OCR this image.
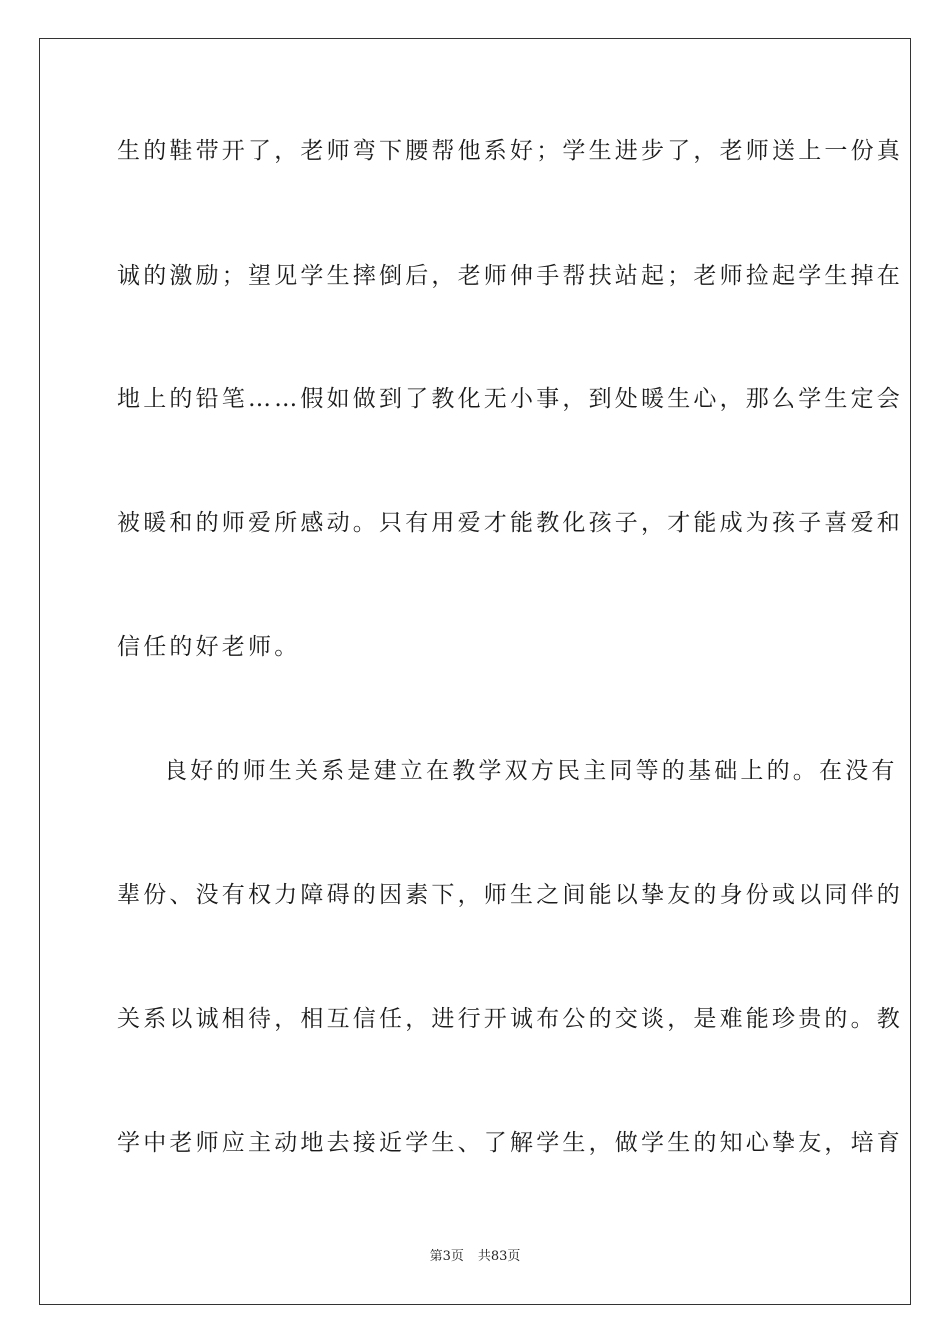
生的鞋带开了，老师弯下腰帮他系好；学生进步了，老师送上一份真
诚的激励；望见学生摔倒后，老师伸手帮扶站起；老师捡起学生掉在
地上的铅笔……假如做到了教化无小事，到处暖生心，那么学生定会
被暖和的师爱所感动。只有用爱才能教化孩子，才能成为孩子喜爱和
信任的好老师。
良好的师生关系是建立在教学双方民主同等的基础上的。在没有
辈份、没有权力障碍的因素下，师生之间能以挚友的身份或以同伴的
关系以诚相待，相互信任，进行开诚布公的交谈，是难能珍贵的。教
学中老师应主动地去接近学生、了解学生，做学生的知心挚友，培育
第3页 共83页
